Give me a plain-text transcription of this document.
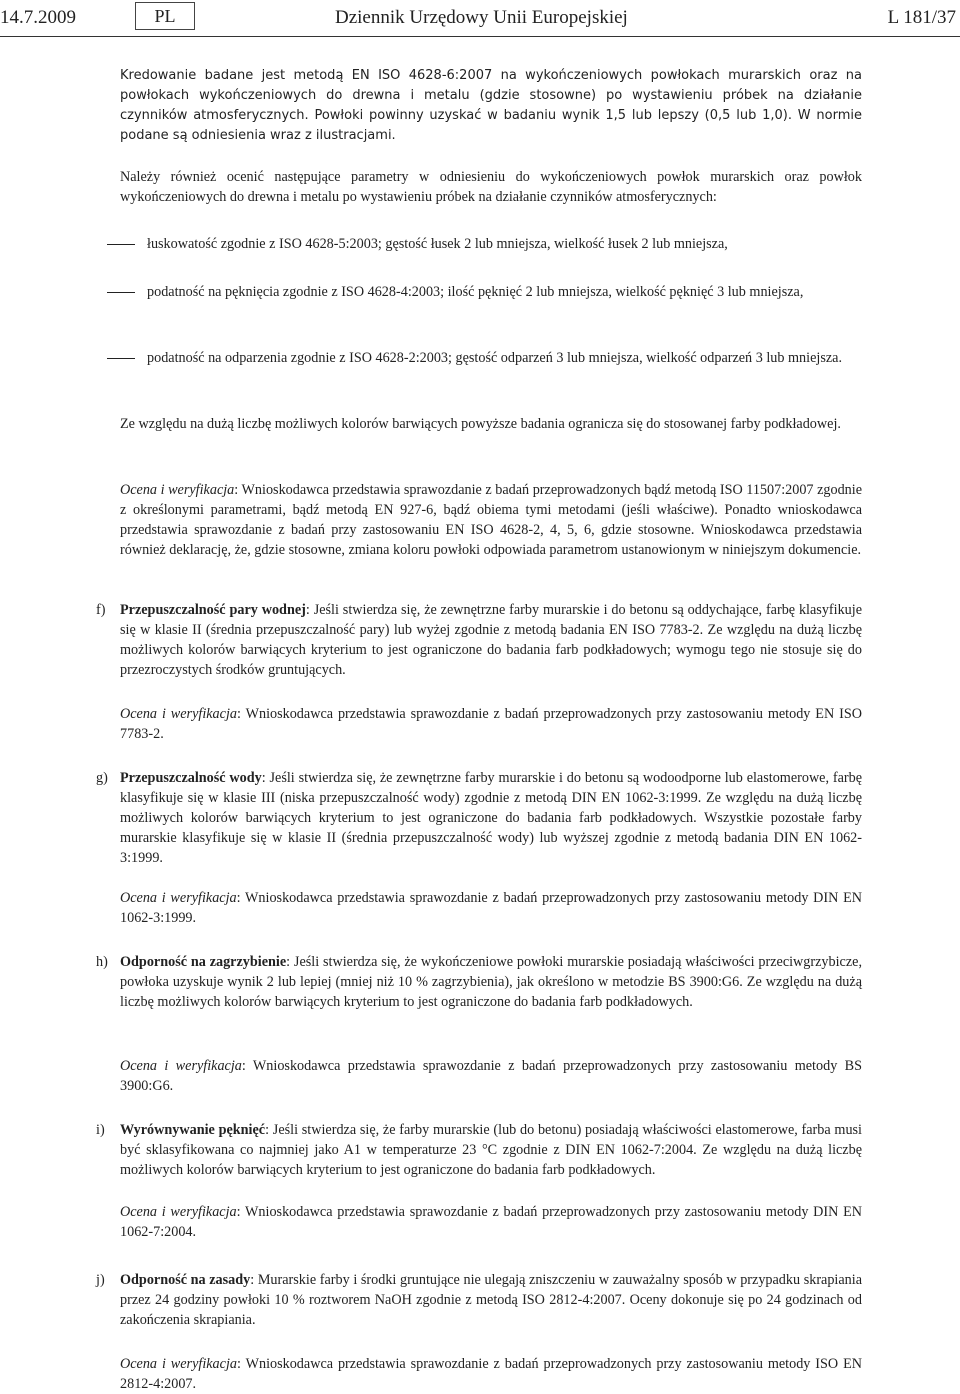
14.7.2009	PL	Dziennik Urzędowy Unii Europejskiej	L 181/37

Kredowanie badane jest metodą EN ISO 4628-6:2007 na wykończeniowych powłokach murarskich oraz na powłokach wykończeniowych do drewna i metalu (gdzie stosowne) po wystawieniu próbek na działanie czynników atmosferycznych. Powłoki powinny uzyskać w badaniu wynik 1,5 lub lepszy (0,5 lub 1,0). W normie podane są odniesienia wraz z ilustracjami.

Należy również ocenić następujące parametry w odniesieniu do wykończeniowych powłok murarskich oraz powłok wykończeniowych do drewna i metalu po wystawieniu próbek na działanie czynników atmosferycznych:

łuskowatość zgodnie z ISO 4628-5:2003; gęstość łusek 2 lub mniejsza, wielkość łusek 2 lub mniejsza,
podatność na pęknięcia zgodnie z ISO 4628-4:2003; ilość pęknięć 2 lub mniejsza, wielkość pęknięć 3 lub mniejsza,
podatność na odparzenia zgodnie z ISO 4628-2:2003; gęstość odparzeń 3 lub mniejsza, wielkość odparzeń 3 lub mniejsza.

Ze względu na dużą liczbę możliwych kolorów barwiących powyższe badania ogranicza się do stosowanej farby podkładowej.

Ocena i weryfikacja: Wnioskodawca przedstawia sprawozdanie z badań przeprowadzonych bądź metodą ISO 11507:2007 zgodnie z określonymi parametrami, bądź metodą EN 927-6, bądź obiema tymi metodami (jeśli właściwe). Ponadto wnioskodawca przedstawia sprawozdanie z badań przy zastosowaniu EN ISO 4628-2, 4, 5, 6, gdzie stosowne. Wnioskodawca przedstawia również deklarację, że, gdzie stosowne, zmiana koloru powłoki odpowiada parametrom ustanowionym w niniejszym dokumencie.

f) Przepuszczalność pary wodnej: Jeśli stwierdza się, że zewnętrzne farby murarskie i do betonu są oddychające, farbę klasyfikuje się w klasie II (średnia przepuszczalność pary) lub wyżej zgodnie z metodą badania EN ISO 7783-2. Ze względu na dużą liczbę możliwych kolorów barwiących kryterium to jest ograniczone do badania farb podkładowych; wymogu tego nie stosuje się do przezroczystych środków gruntujących.

Ocena i weryfikacja: Wnioskodawca przedstawia sprawozdanie z badań przeprowadzonych przy zastosowaniu metody EN ISO 7783-2.

g) Przepuszczalność wody: Jeśli stwierdza się, że zewnętrzne farby murarskie i do betonu są wodoodporne lub elastomerowe, farbę klasyfikuje się w klasie III (niska przepuszczalność wody) zgodnie z metodą DIN EN 1062-3:1999. Ze względu na dużą liczbę możliwych kolorów barwiących kryterium to jest ograniczone do badania farb podkładowych. Wszystkie pozostałe farby murarskie klasyfikuje się w klasie II (średnia przepuszczalność wody) lub wyższej zgodnie z metodą badania DIN EN 1062-3:1999.

Ocena i weryfikacja: Wnioskodawca przedstawia sprawozdanie z badań przeprowadzonych przy zastosowaniu metody DIN EN 1062-3:1999.

h) Odporność na zagrzybienie: Jeśli stwierdza się, że wykończeniowe powłoki murarskie posiadają właściwości przeciwgrzybicze, powłoka uzyskuje wynik 2 lub lepiej (mniej niż 10 % zagrzybienia), jak określono w metodzie BS 3900:G6. Ze względu na dużą liczbę możliwych kolorów barwiących kryterium to jest ograniczone do badania farb podkładowych.

Ocena i weryfikacja: Wnioskodawca przedstawia sprawozdanie z badań przeprowadzonych przy zastosowaniu metody BS 3900:G6.

i) Wyrównywanie pęknięć: Jeśli stwierdza się, że farby murarskie (lub do betonu) posiadają właściwości elastomerowe, farba musi być sklasyfikowana co najmniej jako A1 w temperaturze 23 °C zgodnie z DIN EN 1062-7:2004. Ze względu na dużą liczbę możliwych kolorów barwiących kryterium to jest ograniczone do badania farb podkładowych.

Ocena i weryfikacja: Wnioskodawca przedstawia sprawozdanie z badań przeprowadzonych przy zastosowaniu metody DIN EN 1062-7:2004.

j) Odporność na zasady: Murarskie farby i środki gruntujące nie ulegają zniszczeniu w zauważalny sposób w przypadku skrapiania przez 24 godziny powłoki 10 % roztworem NaOH zgodnie z metodą ISO 2812-4:2007. Oceny dokonuje się po 24 godzinach od zakończenia skrapiania.

Ocena i weryfikacja: Wnioskodawca przedstawia sprawozdanie z badań przeprowadzonych przy zastosowaniu metody ISO EN 2812-4:2007.
